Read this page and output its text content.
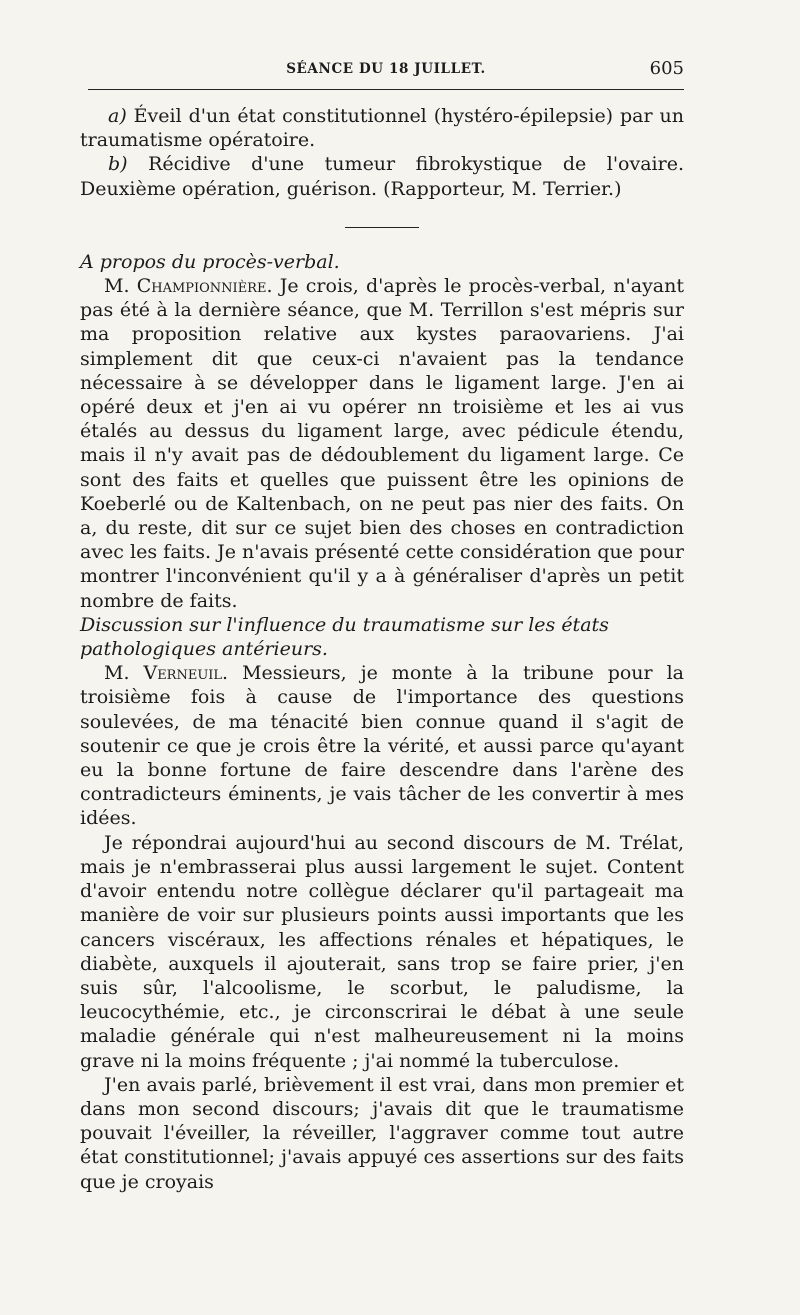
SÉANCE DU 18 JUILLET.	605

a) Éveil d'un état constitutionnel (hystéro-épilepsie) par un traumatisme opératoire.

b) Récidive d'une tumeur fibrokystique de l'ovaire. Deuxième opération, guérison. (Rapporteur, M. Terrier.)

A propos du procès-verbal.

M. Championnière. Je crois, d'après le procès-verbal, n'ayant pas été à la dernière séance, que M. Terrillon s'est mépris sur ma proposition relative aux kystes paraovariens. J'ai simplement dit que ceux-ci n'avaient pas la tendance nécessaire à se développer dans le ligament large. J'en ai opéré deux et j'en ai vu opérer nn troisième et les ai vus étalés au dessus du ligament large, avec pédicule étendu, mais il n'y avait pas de dédoublement du ligament large. Ce sont des faits et quelles que puissent être les opinions de Koeberlé ou de Kaltenbach, on ne peut pas nier des faits. On a, du reste, dit sur ce sujet bien des choses en contradiction avec les faits. Je n'avais présenté cette considération que pour montrer l'inconvénient qu'il y a à généraliser d'après un petit nombre de faits.

Discussion sur l'influence du traumatisme sur les états
pathologiques antérieurs.

M. Verneuil. Messieurs, je monte à la tribune pour la troisième fois à cause de l'importance des questions soulevées, de ma ténacité bien connue quand il s'agit de soutenir ce que je crois être la vérité, et aussi parce qu'ayant eu la bonne fortune de faire descendre dans l'arène des contradicteurs éminents, je vais tâcher de les convertir à mes idées.

Je répondrai aujourd'hui au second discours de M. Trélat, mais je n'embrasserai plus aussi largement le sujet. Content d'avoir entendu notre collègue déclarer qu'il partageait ma manière de voir sur plusieurs points aussi importants que les cancers viscéraux, les affections rénales et hépatiques, le diabète, auxquels il ajouterait, sans trop se faire prier, j'en suis sûr, l'alcoolisme, le scorbut, le paludisme, la leucocythémie, etc., je circonscrirai le débat à une seule maladie générale qui n'est malheureusement ni la moins grave ni la moins fréquente ; j'ai nommé la tuberculose.

J'en avais parlé, brièvement il est vrai, dans mon premier et dans mon second discours; j'avais dit que le traumatisme pouvait l'éveiller, la réveiller, l'aggraver comme tout autre état constitutionnel; j'avais appuyé ces assertions sur des faits que je croyais
